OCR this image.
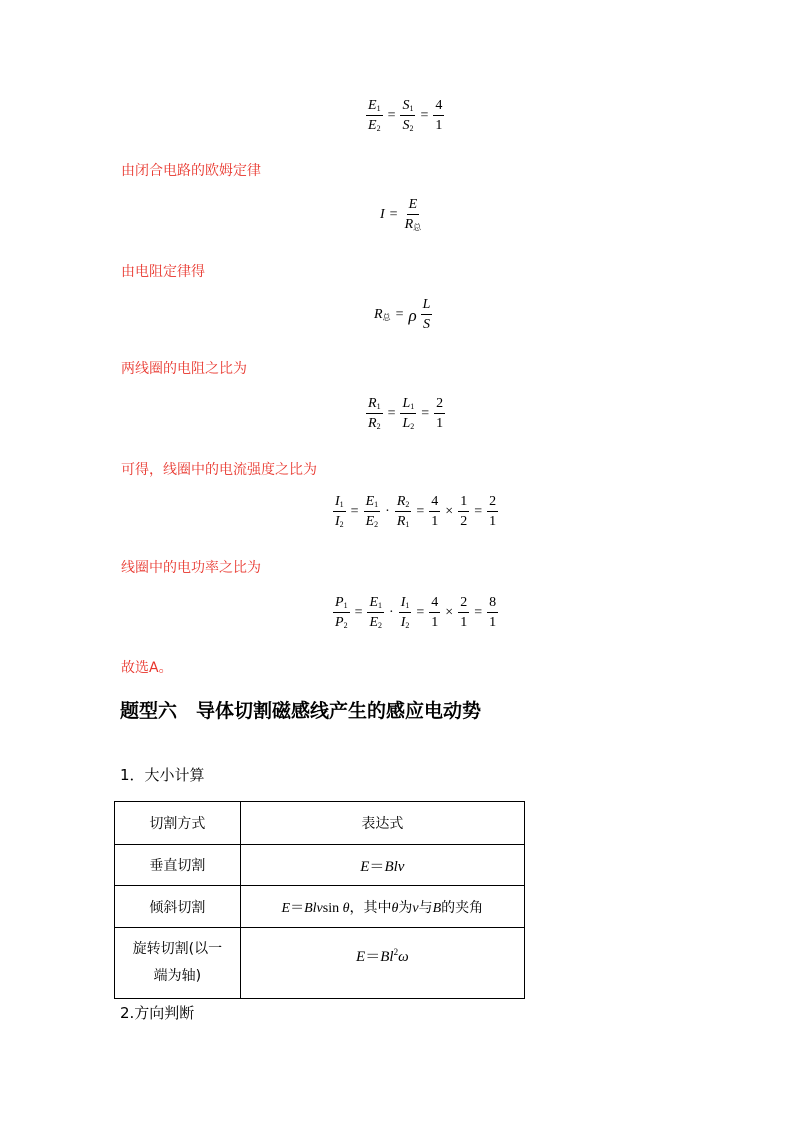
$\frac{E_1}{E_2} = \frac{S_1}{S_2} = \frac{4}{1}$
由闭合电路的欧姆定律
$I = \frac{E}{R_总}$
由电阻定律得
$R_总 = \rho \frac{L}{S}$
两线圈的电阻之比为
$\frac{R_1}{R_2} = \frac{L_1}{L_2} = \frac{2}{1}$
可得，线圈中的电流强度之比为
$\frac{I_1}{I_2} = \frac{E_1}{E_2} \cdot \frac{R_2}{R_1} = \frac{4}{1} \times \frac{1}{2} = \frac{2}{1}$
线圈中的电功率之比为
$\frac{P_1}{P_2} = \frac{E_1}{E_2} \cdot \frac{I_1}{I_2} = \frac{4}{1} \times \frac{2}{1} = \frac{8}{1}$
故选A。
题型六　导体切割磁感线产生的感应电动势
1．大小计算
切割方式	表达式
垂直切割	E＝Blv
倾斜切割	E＝Blvsin θ，其中θ为v与B的夹角
旋转切割(以一
端为轴)	$E=Bl^2\omega$
2.方向判断
